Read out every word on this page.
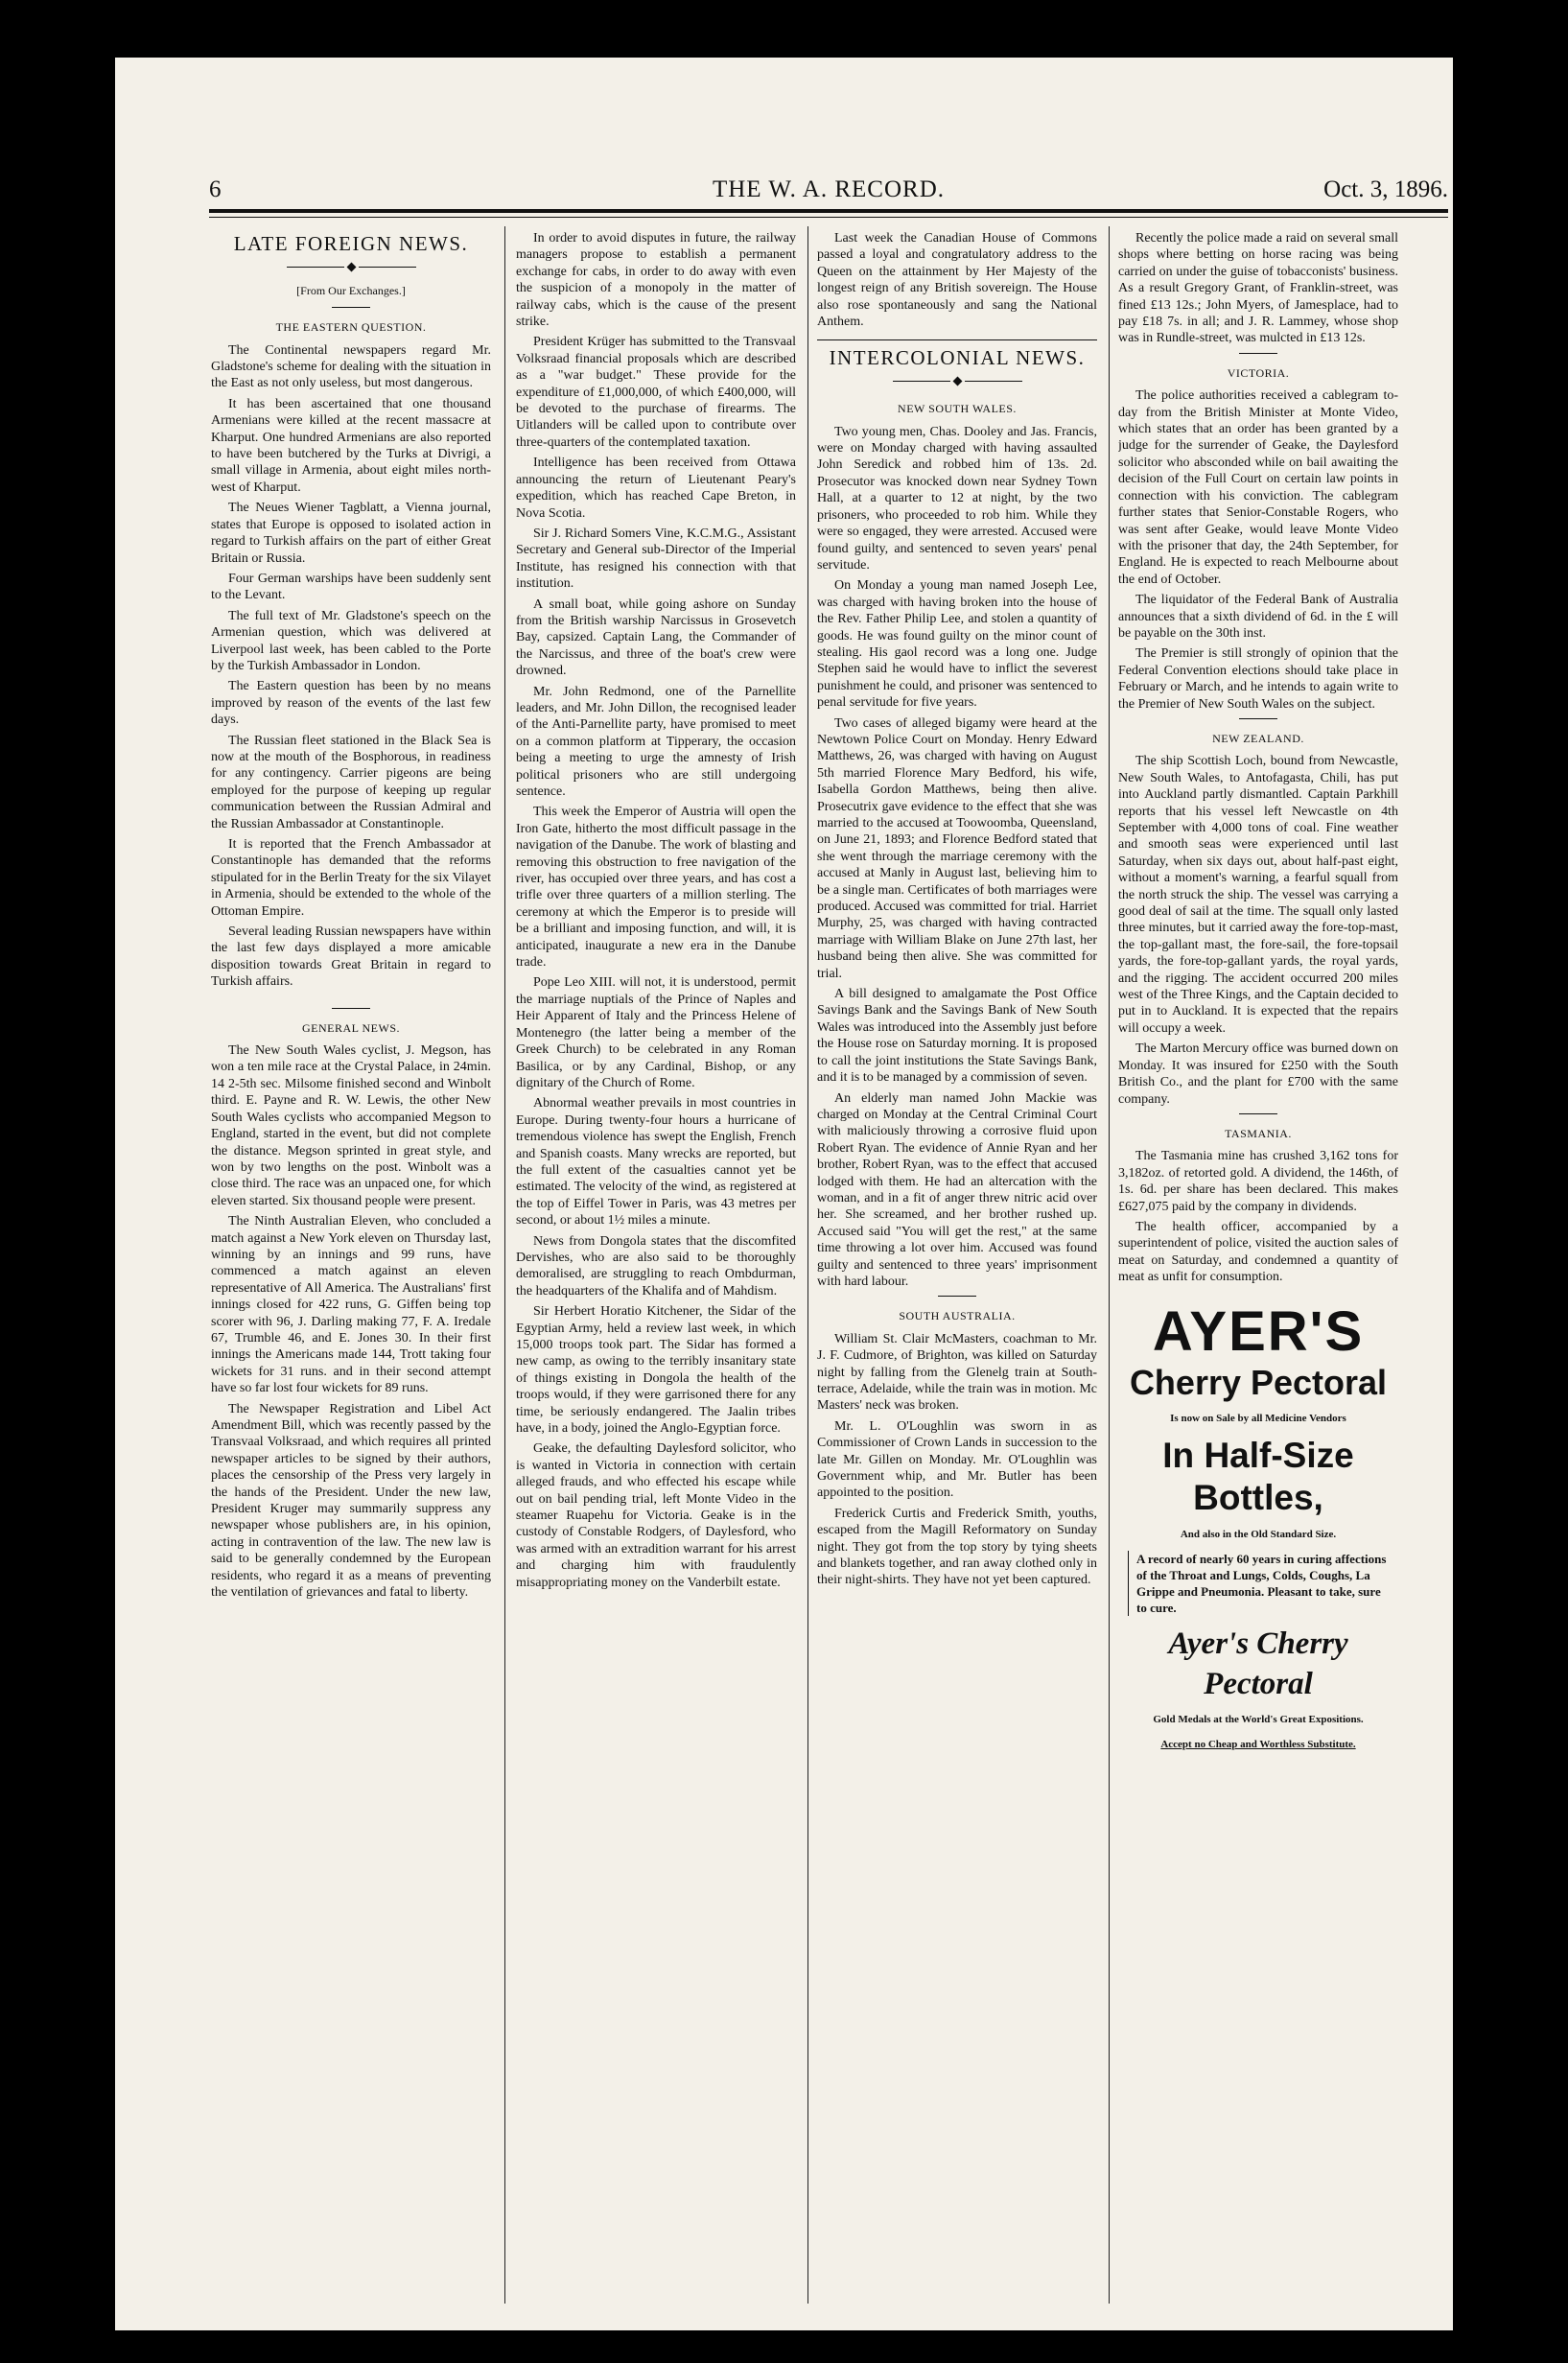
6	THE W. A. RECORD.	Oct. 3, 1896.
LATE FOREIGN NEWS.
[From Our Exchanges.]
THE EASTERN QUESTION.

The Continental newspapers regard Mr. Gladstone's scheme for dealing with the situation in the East as not only useless, but most dangerous.

It has been ascertained that one thousand Armenians were killed at the recent massacre at Kharput. One hundred Armenians are also reported to have been butchered by the Turks at Divrigi, a small village in Armenia, about eight miles north-west of Kharput.

The Neues Wiener Tagblatt, a Vienna journal, states that Europe is opposed to isolated action in regard to Turkish affairs on the part of either Great Britain or Russia.

Four German warships have been suddenly sent to the Levant.

The full text of Mr. Gladstone's speech on the Armenian question, which was delivered at Liverpool last week, has been cabled to the Porte by the Turkish Ambassador in London.

The Eastern question has been by no means improved by reason of the events of the last few days.

The Russian fleet stationed in the Black Sea is now at the mouth of the Bosphorous, in readiness for any contingency. Carrier pigeons are being employed for the purpose of keeping up regular communication between the Russian Admiral and the Russian Ambassador at Constantinople.

It is reported that the French Ambassador at Constantinople has demanded that the reforms stipulated for in the Berlin Treaty for the six Vilayet in Armenia, should be extended to the whole of the Ottoman Empire.

Several leading Russian newspapers have within the last few days displayed a more amicable disposition towards Great Britain in regard to Turkish affairs.

GENERAL NEWS.

The New South Wales cyclist, J. Megson, has won a ten mile race at the Crystal Palace, in 24min. 14 2-5th sec. Milsome finished second and Winbolt third. E. Payne and R. W. Lewis, the other New South Wales cyclists who accompanied Megson to England, started in the event, but did not complete the distance. Megson sprinted in great style, and won by two lengths on the post. Winbolt was a close third. The race was an unpaced one, for which eleven started. Six thousand people were present.

The Ninth Australian Eleven, who concluded a match against a New York eleven on Thursday last, winning by an innings and 99 runs, have commenced a match against an eleven representative of All America. The Australians' first innings closed for 422 runs, G. Giffen being top scorer with 96, J. Darling making 77, F. A. Iredale 67, Trumble 46, and E. Jones 30. In their first innings the Americans made 144, Trott taking four wickets for 31 runs. and in their second attempt have so far lost four wickets for 89 runs.

The Newspaper Registration and Libel Act Amendment Bill, which was recently passed by the Transvaal Volksraad, and which requires all printed newspaper articles to be signed by their authors, places the censorship of the Press very largely in the hands of the President. Under the new law, President Kruger may summarily suppress any newspaper whose publishers are, in his opinion, acting in contravention of the law. The new law is said to be generally condemned by the European residents, who regard it as a means of preventing the ventilation of grievances and fatal to liberty.

In order to avoid disputes in future, the railway managers propose to establish a permanent exchange for cabs, in order to do away with even the suspicion of a monopoly in the matter of railway cabs, which is the cause of the present strike.

President Krüger has submitted to the Transvaal Volksraad financial proposals which are described as a "war budget." These provide for the expenditure of £1,000,000, of which £400,000, will be devoted to the purchase of firearms. The Uitlanders will be called upon to contribute over three-quarters of the contemplated taxation.

Intelligence has been received from Ottawa announcing the return of Lieutenant Peary's expedition, which has reached Cape Breton, in Nova Scotia.

Sir J. Richard Somers Vine, K.C.M.G., Assistant Secretary and General sub-Director of the Imperial Institute, has resigned his connection with that institution.

A small boat, while going ashore on Sunday from the British warship Narcissus in Grosevetch Bay, capsized. Captain Lang, the Commander of the Narcissus, and three of the boat's crew were drowned.

Mr. John Redmond, one of the Parnellite leaders, and Mr. John Dillon, the recognised leader of the Anti-Parnellite party, have promised to meet on a common platform at Tipperary, the occasion being a meeting to urge the amnesty of Irish political prisoners who are still undergoing sentence.

This week the Emperor of Austria will open the Iron Gate, hitherto the most difficult passage in the navigation of the Danube. The work of blasting and removing this obstruction to free navigation of the river, has occupied over three years, and has cost a trifle over three quarters of a million sterling. The ceremony at which the Emperor is to preside will be a brilliant and imposing function, and will, it is anticipated, inaugurate a new era in the Danube trade.

Pope Leo XIII. will not, it is understood, permit the marriage nuptials of the Prince of Naples and Heir Apparent of Italy and the Princess Helene of Montenegro (the latter being a member of the Greek Church) to be celebrated in any Roman Basilica, or by any Cardinal, Bishop, or any dignitary of the Church of Rome.

Abnormal weather prevails in most countries in Europe. During twenty-four hours a hurricane of tremendous violence has swept the English, French and Spanish coasts. Many wrecks are reported, but the full extent of the casualties cannot yet be estimated. The velocity of the wind, as registered at the top of Eiffel Tower in Paris, was 43 metres per second, or about 1½ miles a minute.

News from Dongola states that the discomfited Dervishes, who are also said to be thoroughly demoralised, are struggling to reach Ombdurman, the headquarters of the Khalifa and of Mahdism.

Sir Herbert Horatio Kitchener, the Sidar of the Egyptian Army, held a review last week, in which 15,000 troops took part. The Sidar has formed a new camp, as owing to the terribly insanitary state of things existing in Dongola the health of the troops would, if they were garrisoned there for any time, be seriously endangered. The Jaalin tribes have, in a body, joined the Anglo-Egyptian force.

Geake, the defaulting Daylesford solicitor, who is wanted in Victoria in connection with certain alleged frauds, and who effected his escape while out on bail pending trial, left Monte Video in the steamer Ruapehu for Victoria. Geake is in the custody of Constable Rodgers, of Daylesford, who was armed with an extradition warrant for his arrest and charging him with fraudulently misappropriating money on the Vanderbilt estate.

Last week the Canadian House of Commons passed a loyal and congratulatory address to the Queen on the attainment by Her Majesty of the longest reign of any British sovereign. The House also rose spontaneously and sang the National Anthem.

INTERCOLONIAL NEWS.
NEW SOUTH WALES.

Two young men, Chas. Dooley and Jas. Francis, were on Monday charged with having assaulted John Seredick and robbed him of 13s. 2d. Prosecutor was knocked down near Sydney Town Hall, at a quarter to 12 at night, by the two prisoners, who proceeded to rob him. While they were so engaged, they were arrested. Accused were found guilty, and sentenced to seven years' penal servitude.

On Monday a young man named Joseph Lee, was charged with having broken into the house of the Rev. Father Philip Lee, and stolen a quantity of goods. He was found guilty on the minor count of stealing. His gaol record was a long one. Judge Stephen said he would have to inflict the severest punishment he could, and prisoner was sentenced to penal servitude for five years.

Two cases of alleged bigamy were heard at the Newtown Police Court on Monday. Henry Edward Matthews, 26, was charged with having on August 5th married Florence Mary Bedford, his wife, Isabella Gordon Matthews, being then alive. Prosecutrix gave evidence to the effect that she was married to the accused at Toowoomba, Queensland, on June 21, 1893; and Florence Bedford stated that she went through the marriage ceremony with the accused at Manly in August last, believing him to be a single man. Certificates of both marriages were produced. Accused was committed for trial. Harriet Murphy, 25, was charged with having contracted marriage with William Blake on June 27th last, her husband being then alive. She was committed for trial.

A bill designed to amalgamate the Post Office Savings Bank and the Savings Bank of New South Wales was introduced into the Assembly just before the House rose on Saturday morning. It is proposed to call the joint institutions the State Savings Bank, and it is to be managed by a commission of seven.

An elderly man named John Mackie was charged on Monday at the Central Criminal Court with maliciously throwing a corrosive fluid upon Robert Ryan. The evidence of Annie Ryan and her brother, Robert Ryan, was to the effect that accused lodged with them. He had an altercation with the woman, and in a fit of anger threw nitric acid over her. She screamed, and her brother rushed up. Accused said "You will get the rest," at the same time throwing a lot over him. Accused was found guilty and sentenced to three years' imprisonment with hard labour.

SOUTH AUSTRALIA.

William St. Clair McMasters, coachman to Mr. J. F. Cudmore, of Brighton, was killed on Saturday night by falling from the Glenelg train at South-terrace, Adelaide, while the train was in motion. Mc Masters' neck was broken.

Mr. L. O'Loughlin was sworn in as Commissioner of Crown Lands in succession to the late Mr. Gillen on Monday. Mr. O'Loughlin was Government whip, and Mr. Butler has been appointed to the position.

Frederick Curtis and Frederick Smith, youths, escaped from the Magill Reformatory on Sunday night. They got from the top story by tying sheets and blankets together, and ran away clothed only in their night-shirts. They have not yet been captured.

Recently the police made a raid on several small shops where betting on horse racing was being carried on under the guise of tobacconists' business. As a result Gregory Grant, of Franklin-street, was fined £13 12s.; John Myers, of Jamesplace, had to pay £18 7s. in all; and J. R. Lammey, whose shop was in Rundle-street, was mulcted in £13 12s.

VICTORIA.

The police authorities received a cablegram to-day from the British Minister at Monte Video, which states that an order has been granted by a judge for the surrender of Geake, the Daylesford solicitor who absconded while on bail awaiting the decision of the Full Court on certain law points in connection with his conviction. The cablegram further states that Senior-Constable Rogers, who was sent after Geake, would leave Monte Video with the prisoner that day, the 24th September, for England. He is expected to reach Melbourne about the end of October.

The liquidator of the Federal Bank of Australia announces that a sixth dividend of 6d. in the £ will be payable on the 30th inst.

The Premier is still strongly of opinion that the Federal Convention elections should take place in February or March, and he intends to again write to the Premier of New South Wales on the subject.

NEW ZEALAND.

The ship Scottish Loch, bound from Newcastle, New South Wales, to Antofagasta, Chili, has put into Auckland partly dismantled. Captain Parkhill reports that his vessel left Newcastle on 4th September with 4,000 tons of coal. Fine weather and smooth seas were experienced until last Saturday, when six days out, about half-past eight, without a moment's warning, a fearful squall from the north struck the ship. The vessel was carrying a good deal of sail at the time. The squall only lasted three minutes, but it carried away the fore-top-mast, the top-gallant mast, the fore-sail, the fore-topsail yards, the fore-top-gallant yards, the royal yards, and the rigging. The accident occurred 200 miles west of the Three Kings, and the Captain decided to put in to Auckland. It is expected that the repairs will occupy a week.

The Marton Mercury office was burned down on Monday. It was insured for £250 with the South British Co., and the plant for £700 with the same company.

TASMANIA.

The Tasmania mine has crushed 3,162 tons for 3,182oz. of retorted gold. A dividend, the 146th, of 1s. 6d. per share has been declared. This makes £627,075 paid by the company in dividends.

The health officer, accompanied by a superintendent of police, visited the auction sales of meat on Saturday, and condemned a quantity of meat as unfit for consumption.

AYER'S
Cherry Pectoral
Is now on Sale by all Medicine Vendors
In Half-Size Bottles,
And also in the Old Standard Size.
A record of nearly 60 years in curing affections of the Throat and Lungs, Colds, Coughs, La Grippe and Pneumonia. Pleasant to take, sure to cure.
Ayer's Cherry Pectoral
Gold Medals at the World's Great Expositions.
Accept no Cheap and Worthless Substitute.
